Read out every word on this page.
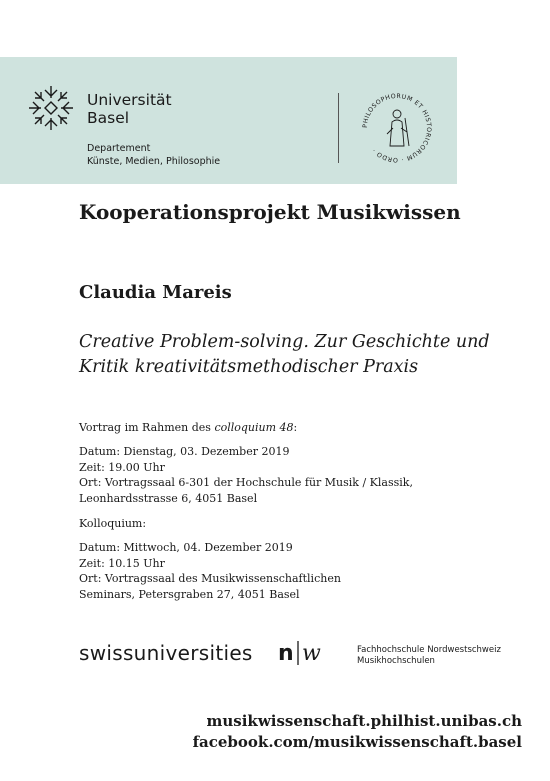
Universität
Basel
Departement
Künste, Medien, Philosophie
PHILOSOPHORUM ET HISTORICORUM · ORDO ·
Kooperationsprojekt Musikwissen
Claudia Mareis
Creative Problem-solving. Zur Geschichte und
Kritik kreativitätsmethodischer Praxis
Vortrag im Rahmen des colloquium 48:

Datum: Dienstag, 03. Dezember 2019

Zeit: 19.00 Uhr

Ort: Vortragssaal 6-301 der Hochschule für Musik / Klassik,

Leonhardsstrasse 6, 4051 Basel

Kolloquium:

Datum: Mittwoch, 04. Dezember 2019

Zeit: 10.15 Uhr

Ort: Vortragssaal des Musikwissenschaftlichen

Seminars, Petersgraben 27, 4051 Basel

swissuniversities n w	Fachhochschule Nordwestschweiz
Musikhochschulen

musikwissenschaft.philhist.unibas.ch

facebook.com/musikwissenschaft.basel
